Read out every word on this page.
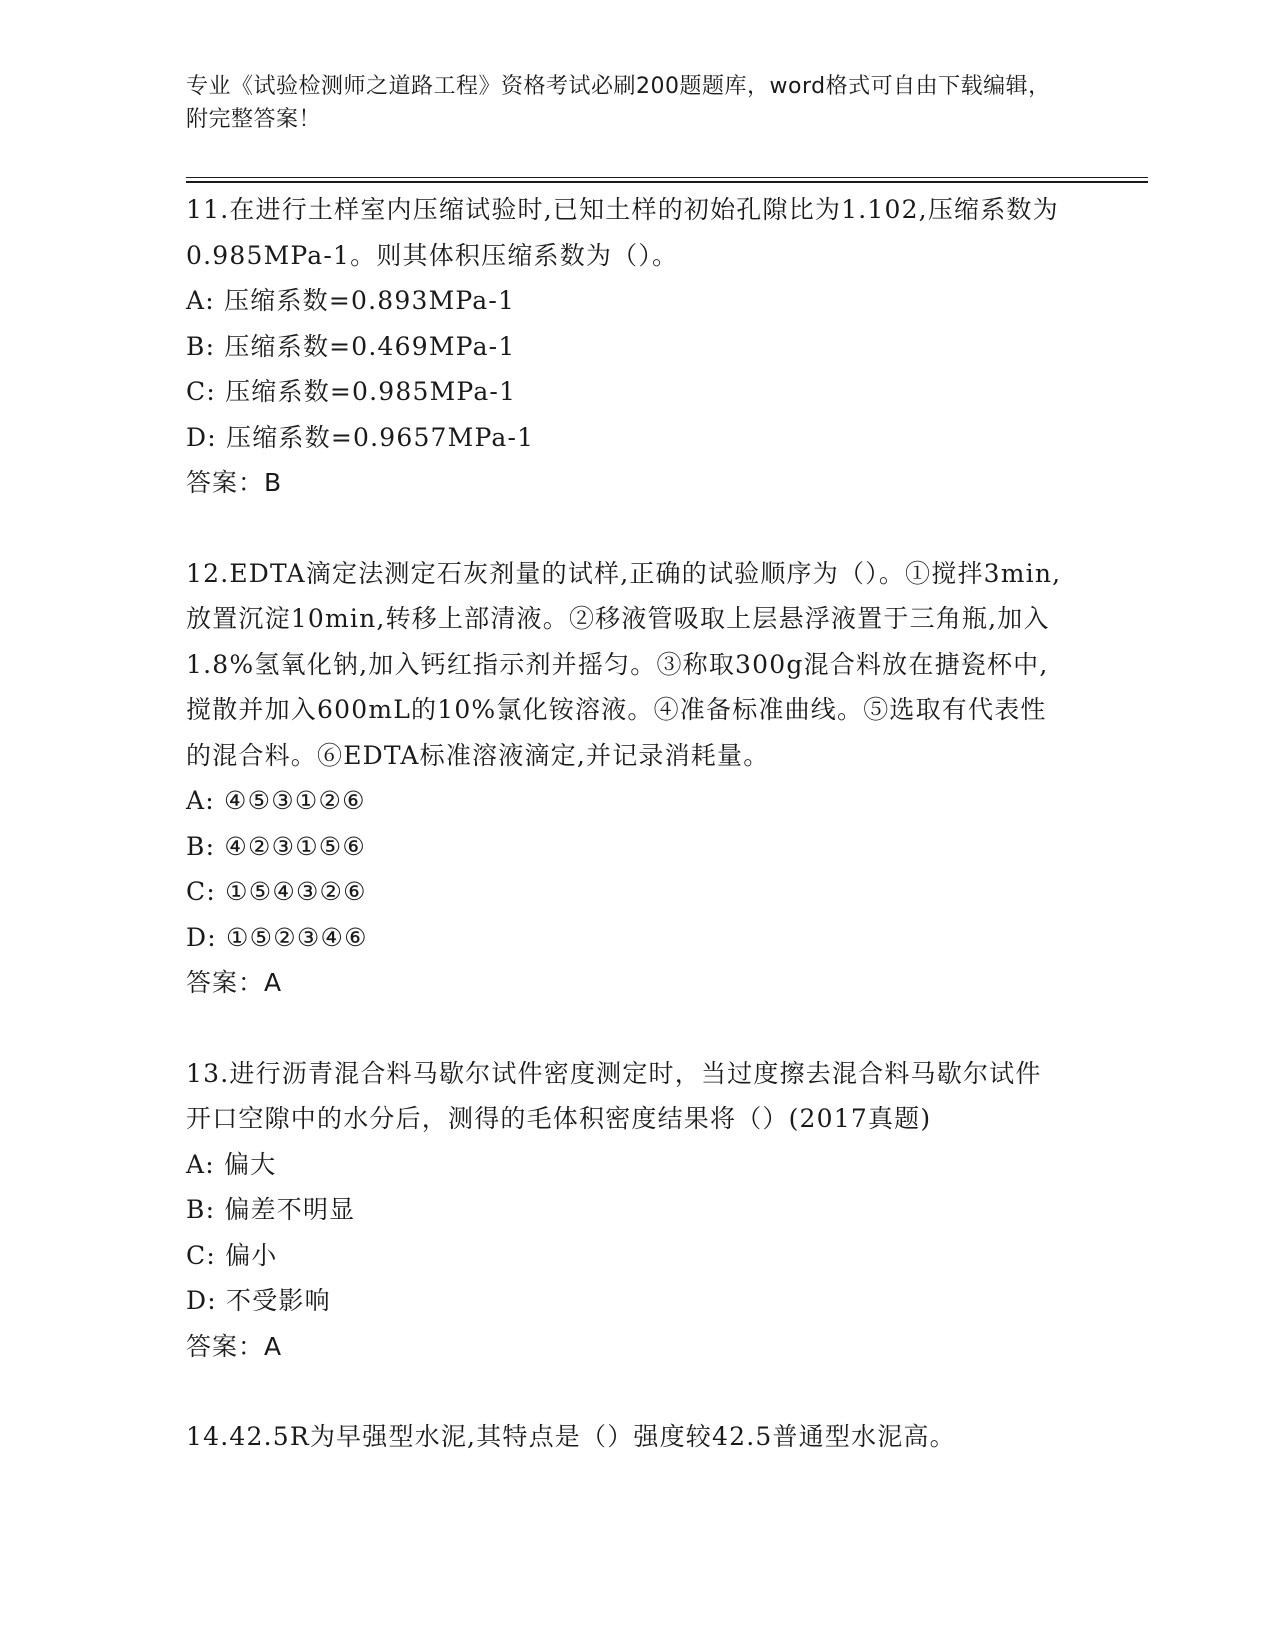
专业《试验检测师之道路工程》资格考试必刷200题题库，word格式可自由下载编辑，附完整答案！

11.在进行土样室内压缩试验时,已知土样的初始孔隙比为1.102,压缩系数为0.985MPa-1。则其体积压缩系数为（）。

A: 压缩系数=0.893MPa-1

B: 压缩系数=0.469MPa-1

C: 压缩系数=0.985MPa-1

D: 压缩系数=0.9657MPa-1

答案：B

12.EDTA滴定法测定石灰剂量的试样,正确的试验顺序为（）。①搅拌3min,放置沉淀10min,转移上部清液。②移液管吸取上层悬浮液置于三角瓶,加入1.8%氢氧化钠,加入钙红指示剂并摇匀。③称取300g混合料放在搪瓷杯中,搅散并加入600mL的10%氯化铵溶液。④准备标准曲线。⑤选取有代表性的混合料。⑥EDTA标准溶液滴定,并记录消耗量。

A: ④⑤③①②⑥

B: ④②③①⑤⑥

C: ①⑤④③②⑥

D: ①⑤②③④⑥

答案：A

13.进行沥青混合料马歇尔试件密度测定时，当过度擦去混合料马歇尔试件开口空隙中的水分后，测得的毛体积密度结果将（）(2017真题)

A: 偏大

B: 偏差不明显

C: 偏小

D: 不受影响

答案：A

14.42.5R为早强型水泥,其特点是（）强度较42.5普通型水泥高。
